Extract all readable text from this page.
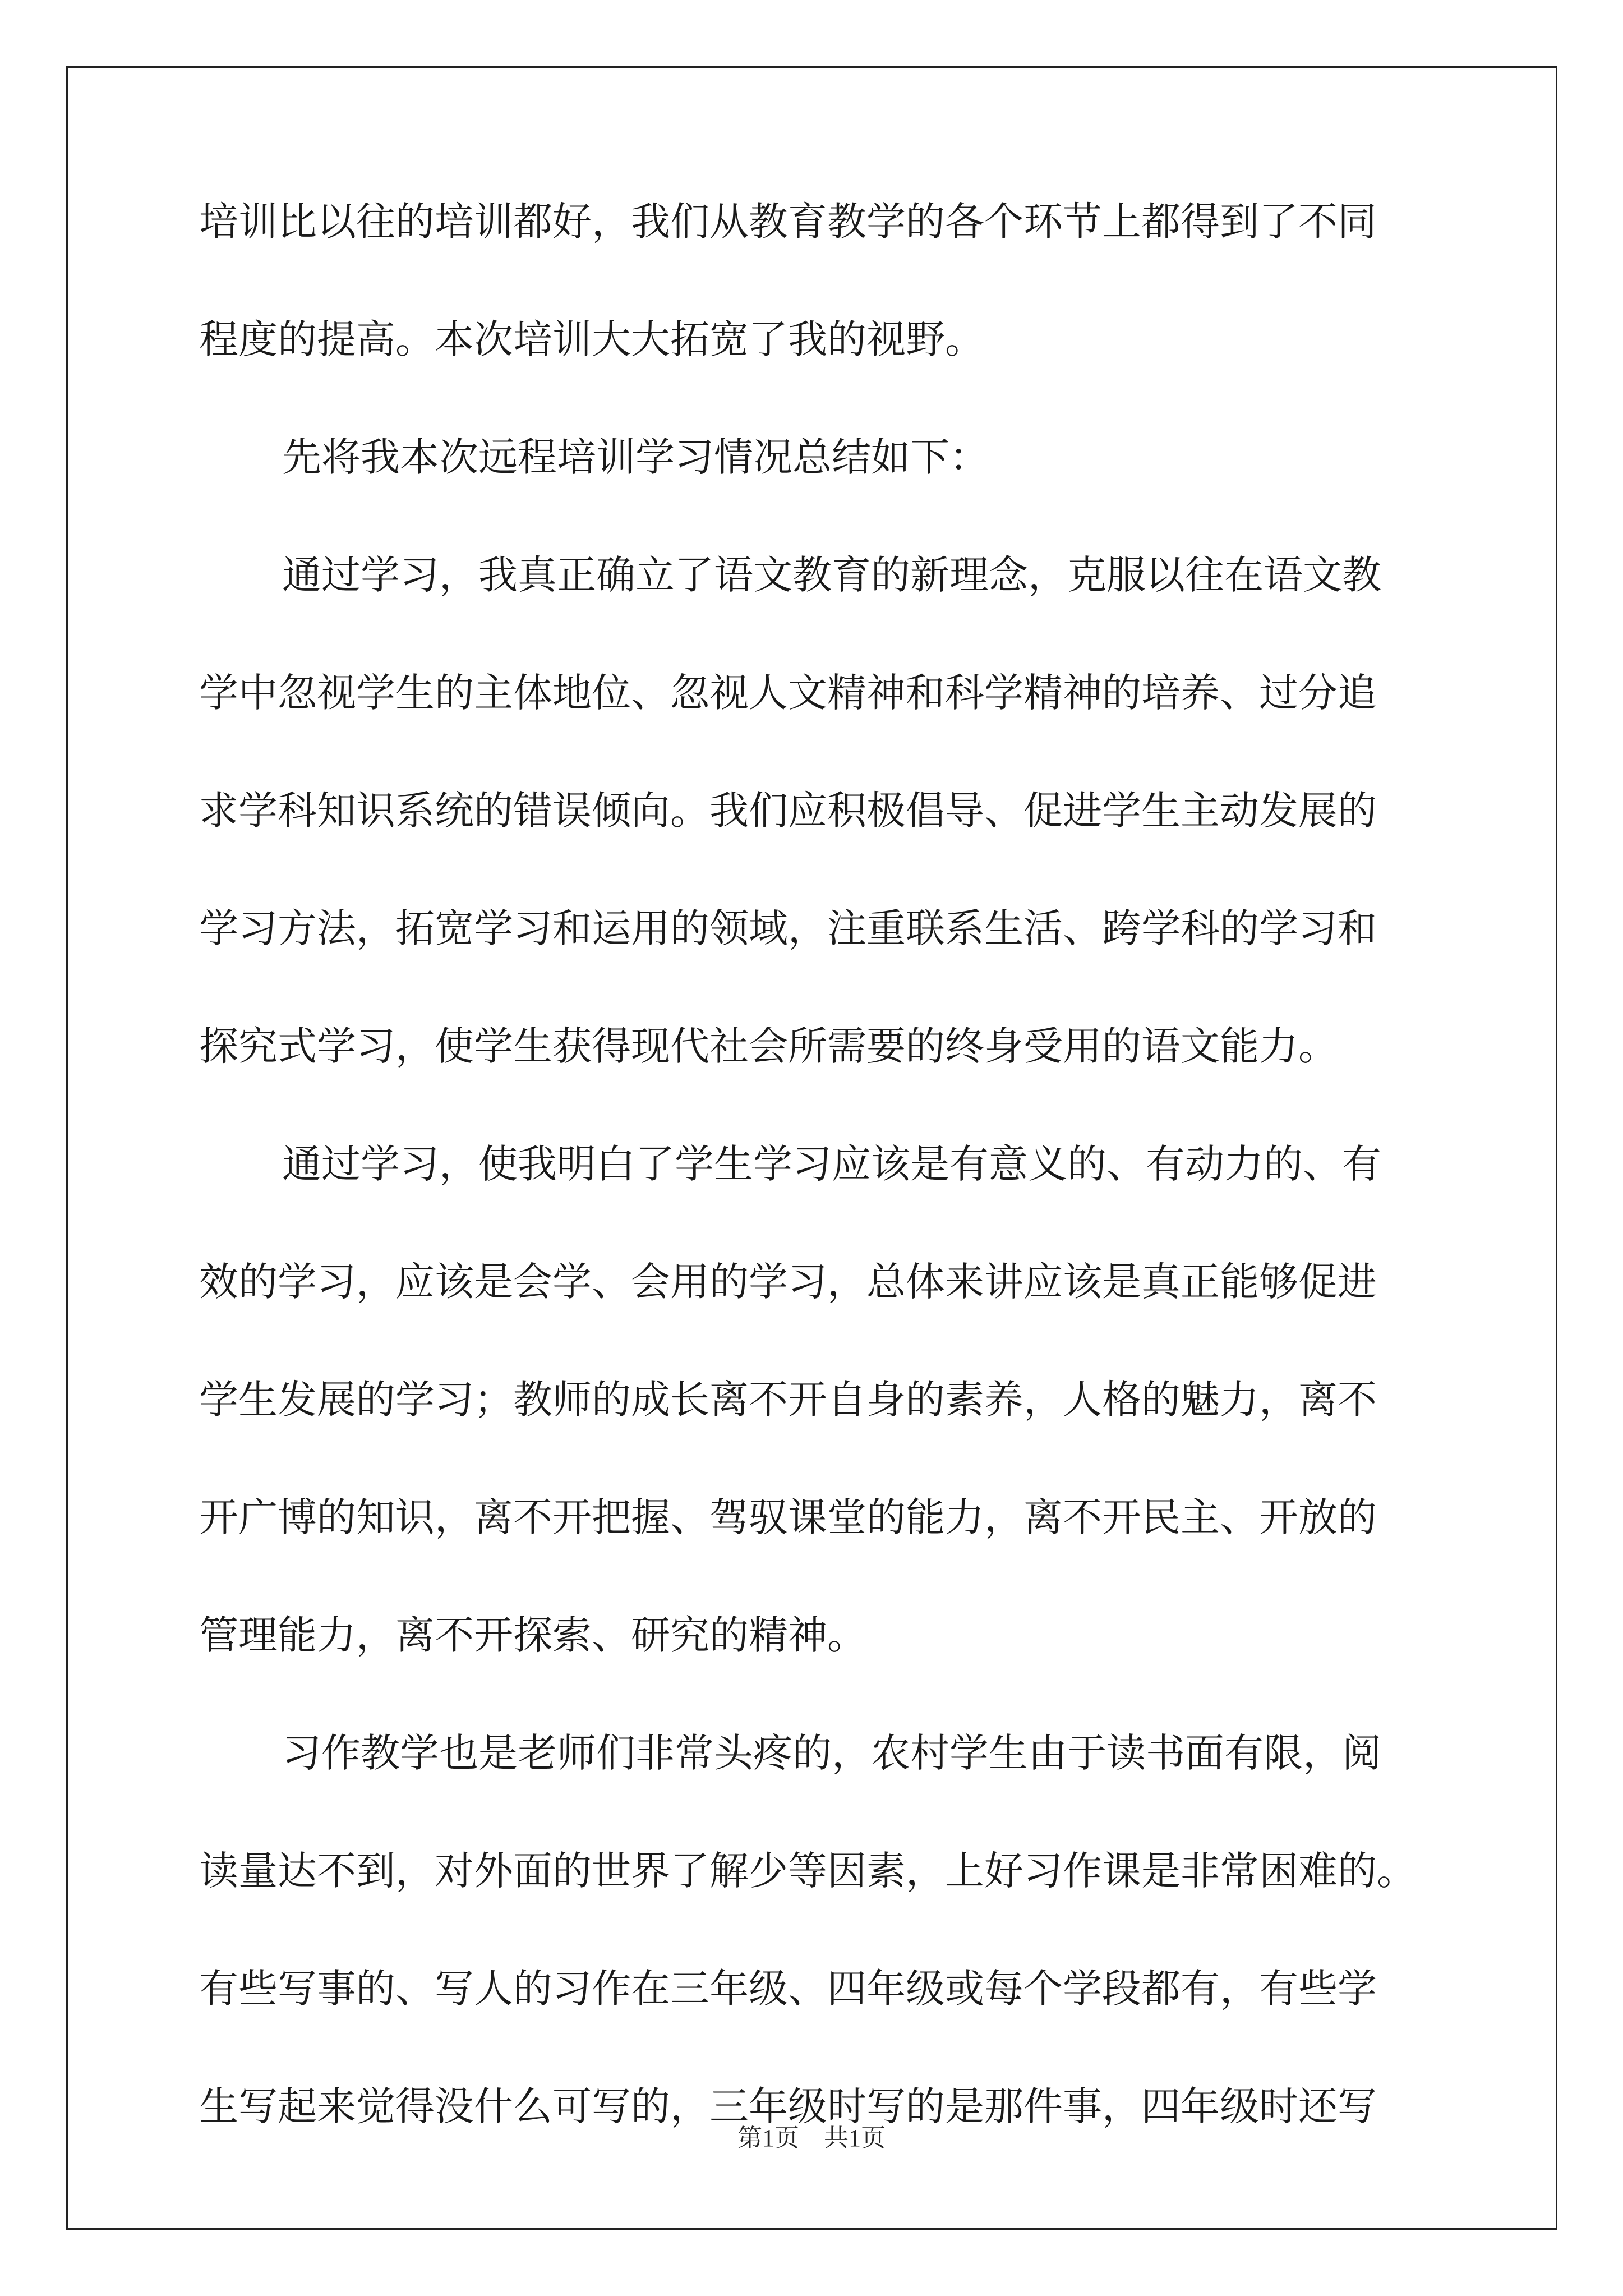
培训比以往的培训都好，我们从教育教学的各个环节上都得到了不同
程度的提高。本次培训大大拓宽了我的视野。
先将我本次远程培训学习情况总结如下：
通过学习，我真正确立了语文教育的新理念，克服以往在语文教
学中忽视学生的主体地位、忽视人文精神和科学精神的培养、过分追
求学科知识系统的错误倾向。我们应积极倡导、促进学生主动发展的
学习方法，拓宽学习和运用的领域，注重联系生活、跨学科的学习和
探究式学习，使学生获得现代社会所需要的终身受用的语文能力。
通过学习，使我明白了学生学习应该是有意义的、有动力的、有
效的学习，应该是会学、会用的学习，总体来讲应该是真正能够促进
学生发展的学习；教师的成长离不开自身的素养，人格的魅力，离不
开广博的知识，离不开把握、驾驭课堂的能力，离不开民主、开放的
管理能力，离不开探索、研究的精神。
习作教学也是老师们非常头疼的，农村学生由于读书面有限，阅
读量达不到，对外面的世界了解少等因素，上好习作课是非常困难的。
有些写事的、写人的习作在三年级、四年级或每个学段都有，有些学
生写起来觉得没什么可写的，三年级时写的是那件事，四年级时还写
第1页 共1页
